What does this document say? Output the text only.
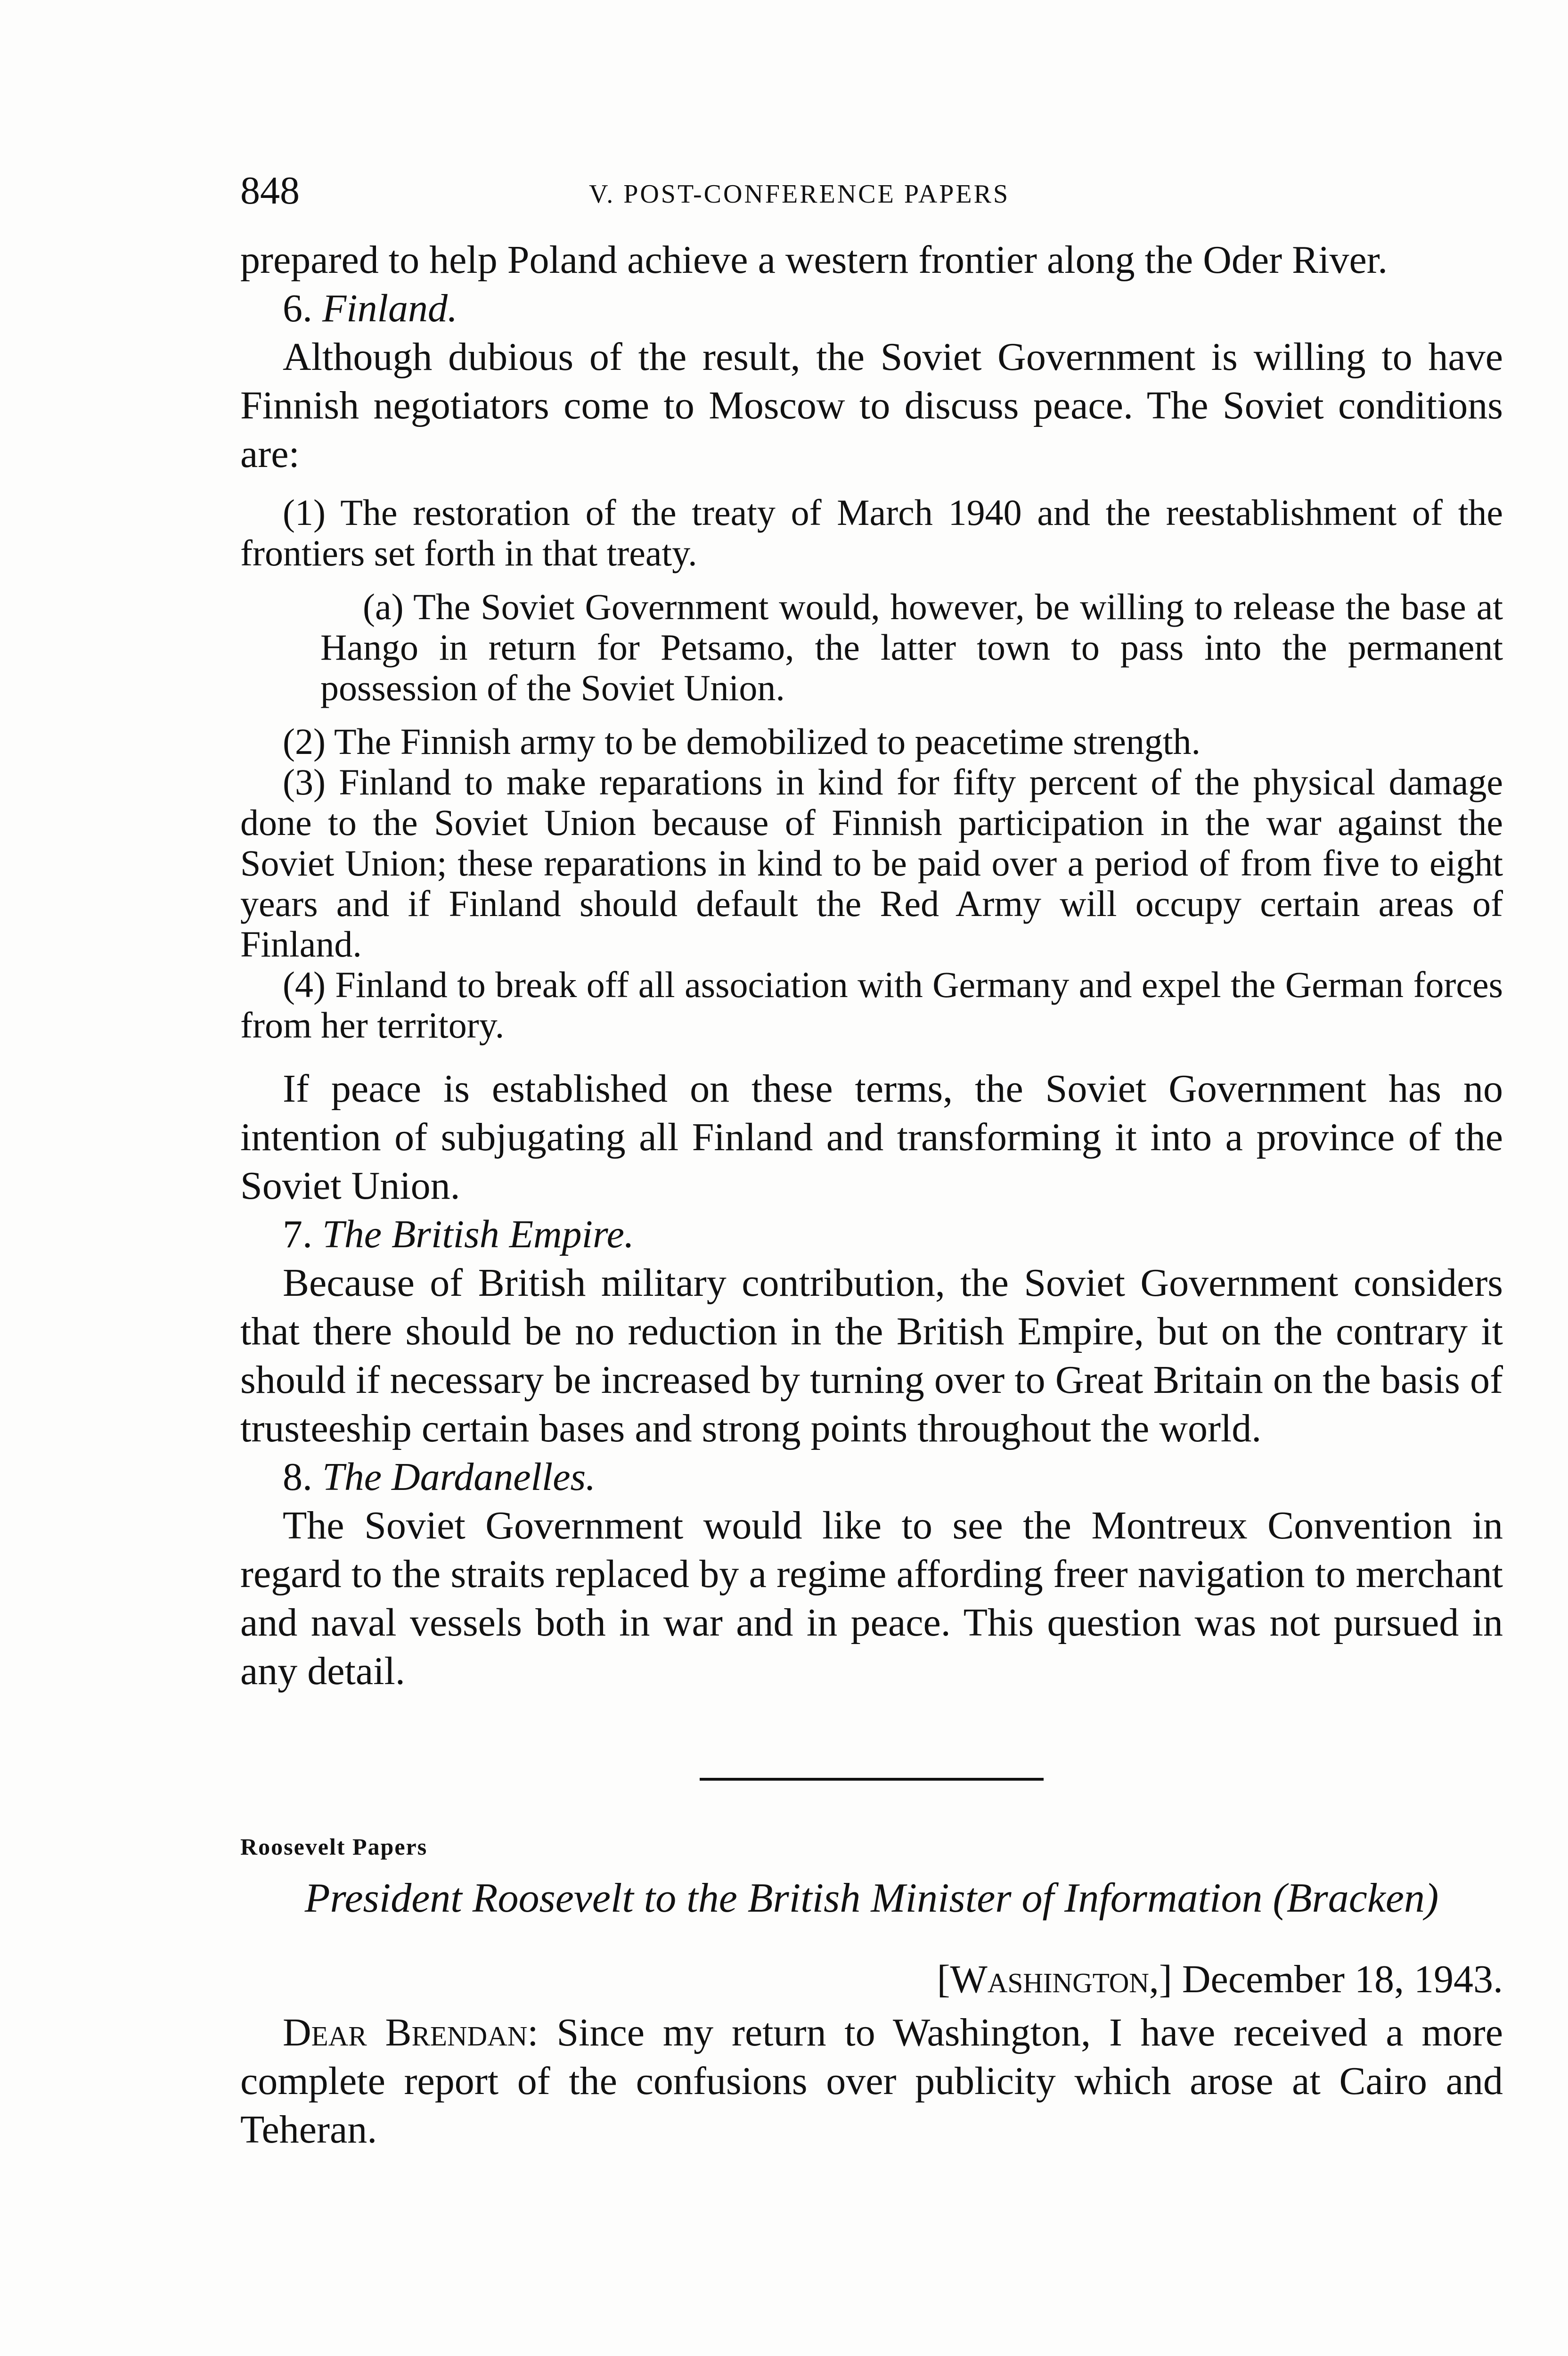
848	V. POST-CONFERENCE PAPERS

prepared to help Poland achieve a western frontier along the Oder River.

6. Finland.

Although dubious of the result, the Soviet Government is willing to have Finnish negotiators come to Moscow to discuss peace. The Soviet conditions are:

(1) The restoration of the treaty of March 1940 and the reestablishment of the frontiers set forth in that treaty.

(a) The Soviet Government would, however, be willing to release the base at Hango in return for Petsamo, the latter town to pass into the permanent possession of the Soviet Union.

(2) The Finnish army to be demobilized to peacetime strength.

(3) Finland to make reparations in kind for fifty percent of the physical damage done to the Soviet Union because of Finnish participation in the war against the Soviet Union; these reparations in kind to be paid over a period of from five to eight years and if Finland should default the Red Army will occupy certain areas of Finland.

(4) Finland to break off all association with Germany and expel the German forces from her territory.

If peace is established on these terms, the Soviet Government has no intention of subjugating all Finland and transforming it into a province of the Soviet Union.

7. The British Empire.

Because of British military contribution, the Soviet Government considers that there should be no reduction in the British Empire, but on the contrary it should if necessary be increased by turning over to Great Britain on the basis of trusteeship certain bases and strong points throughout the world.

8. The Dardanelles.

The Soviet Government would like to see the Montreux Convention in regard to the straits replaced by a regime affording freer navigation to merchant and naval vessels both in war and in peace. This question was not pursued in any detail.

Roosevelt Papers
President Roosevelt to the British Minister of Information (Bracken)
[Washington,] December 18, 1943.

Dear Brendan: Since my return to Washington, I have received a more complete report of the confusions over publicity which arose at Cairo and Teheran.
